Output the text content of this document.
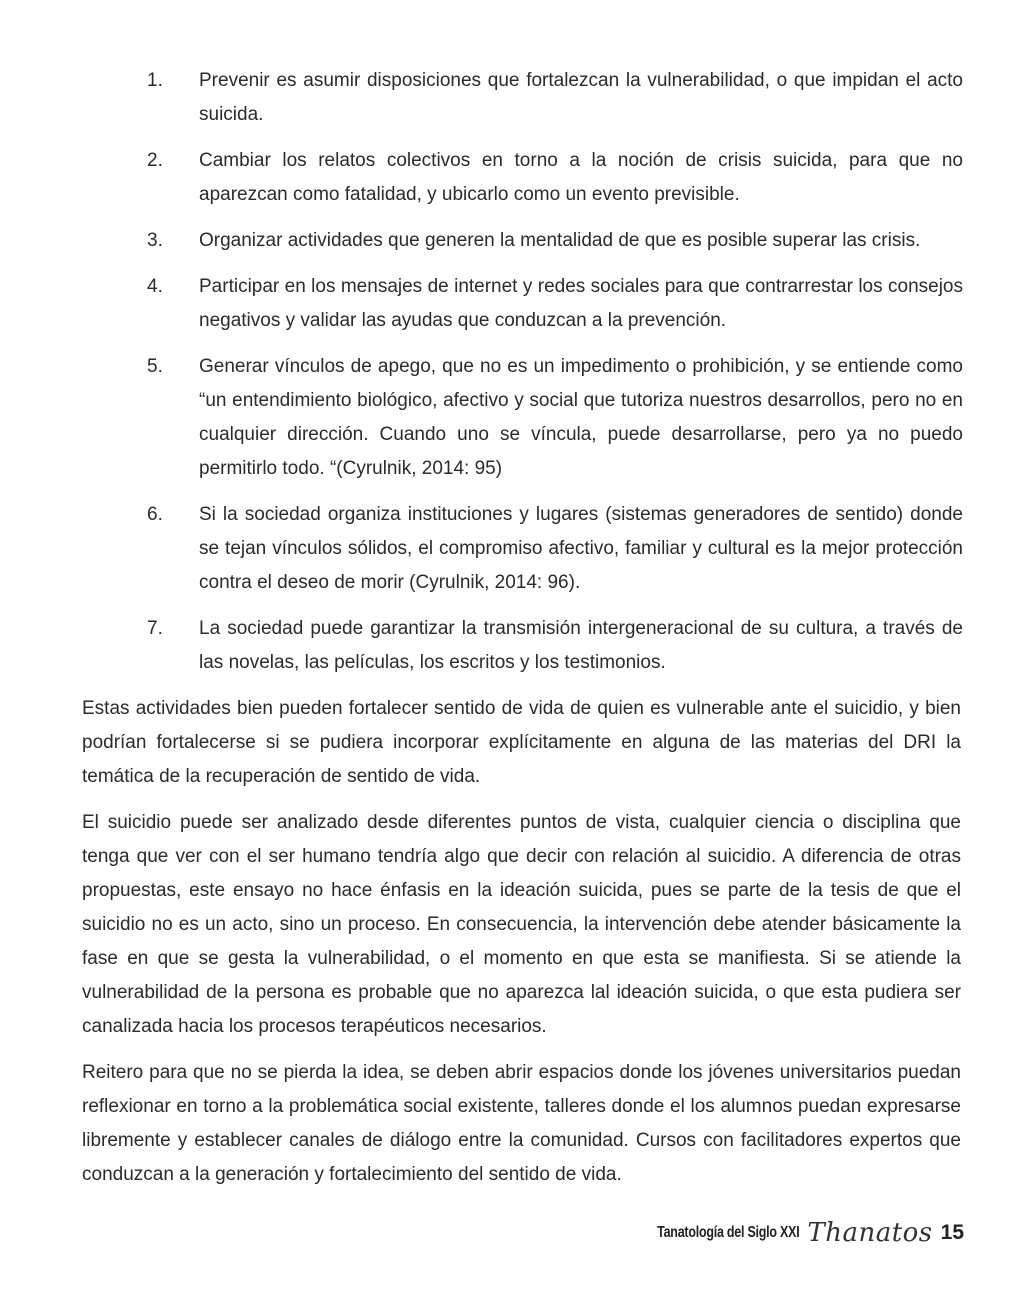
1.	Prevenir es asumir disposiciones que fortalezcan la vulnerabilidad, o que impidan el acto suicida.
2.	Cambiar los relatos colectivos en torno a la noción de crisis suicida, para que no aparezcan como fatalidad, y ubicarlo como un evento previsible.
3.	Organizar actividades que generen la mentalidad de que es posible superar las crisis.
4.	Participar en los mensajes de internet y redes sociales para que contrarrestar los consejos negativos y validar las ayudas que conduzcan a la prevención.
5.	Generar vínculos de apego, que no es un impedimento o prohibición, y se entiende como “un entendimiento biológico, afectivo y social que tutoriza nuestros desarrollos, pero no en cualquier dirección. Cuando uno se víncula, puede desarrollarse, pero ya no puedo permitirlo todo. “(Cyrulnik, 2014: 95)
6.	Si la sociedad organiza instituciones y lugares (sistemas generadores de sentido) donde se tejan vínculos sólidos, el compromiso afectivo, familiar y cultural es la mejor protección contra el deseo de morir (Cyrulnik, 2014: 96).
7.	La sociedad puede garantizar la transmisión intergeneracional de su cultura, a través de las novelas, las películas, los escritos y los testimonios.

Estas actividades bien pueden fortalecer sentido de vida de quien es vulnerable ante el suicidio, y bien podrían fortalecerse si se pudiera incorporar explícitamente en alguna de las materias del DRI la temática de la recuperación de sentido de vida.

El suicidio puede ser analizado desde diferentes puntos de vista, cualquier ciencia o disciplina que tenga que ver con el ser humano tendría algo que decir con relación al suicidio. A diferencia de otras propuestas, este ensayo no hace énfasis en la ideación suicida, pues se parte de la tesis de que el suicidio no es un acto, sino un proceso. En consecuencia, la intervención debe atender básicamente la fase en que se gesta la vulnerabilidad, o el momento en que esta se manifiesta. Si se atiende la vulnerabilidad de la persona es probable que no aparezca lal ideación suicida, o que esta pudiera ser canalizada hacia los procesos terapéuticos necesarios.

Reitero para que no se pierda la idea, se deben abrir espacios donde los jóvenes universitarios puedan reflexionar en torno a la problemática social existente, talleres donde el los alumnos puedan expresarse libremente y establecer canales de diálogo entre la comunidad. Cursos con facilitadores expertos que conduzcan a la generación y fortalecimiento del sentido de vida.

Tanatología del Siglo XXI Thanatos 15
